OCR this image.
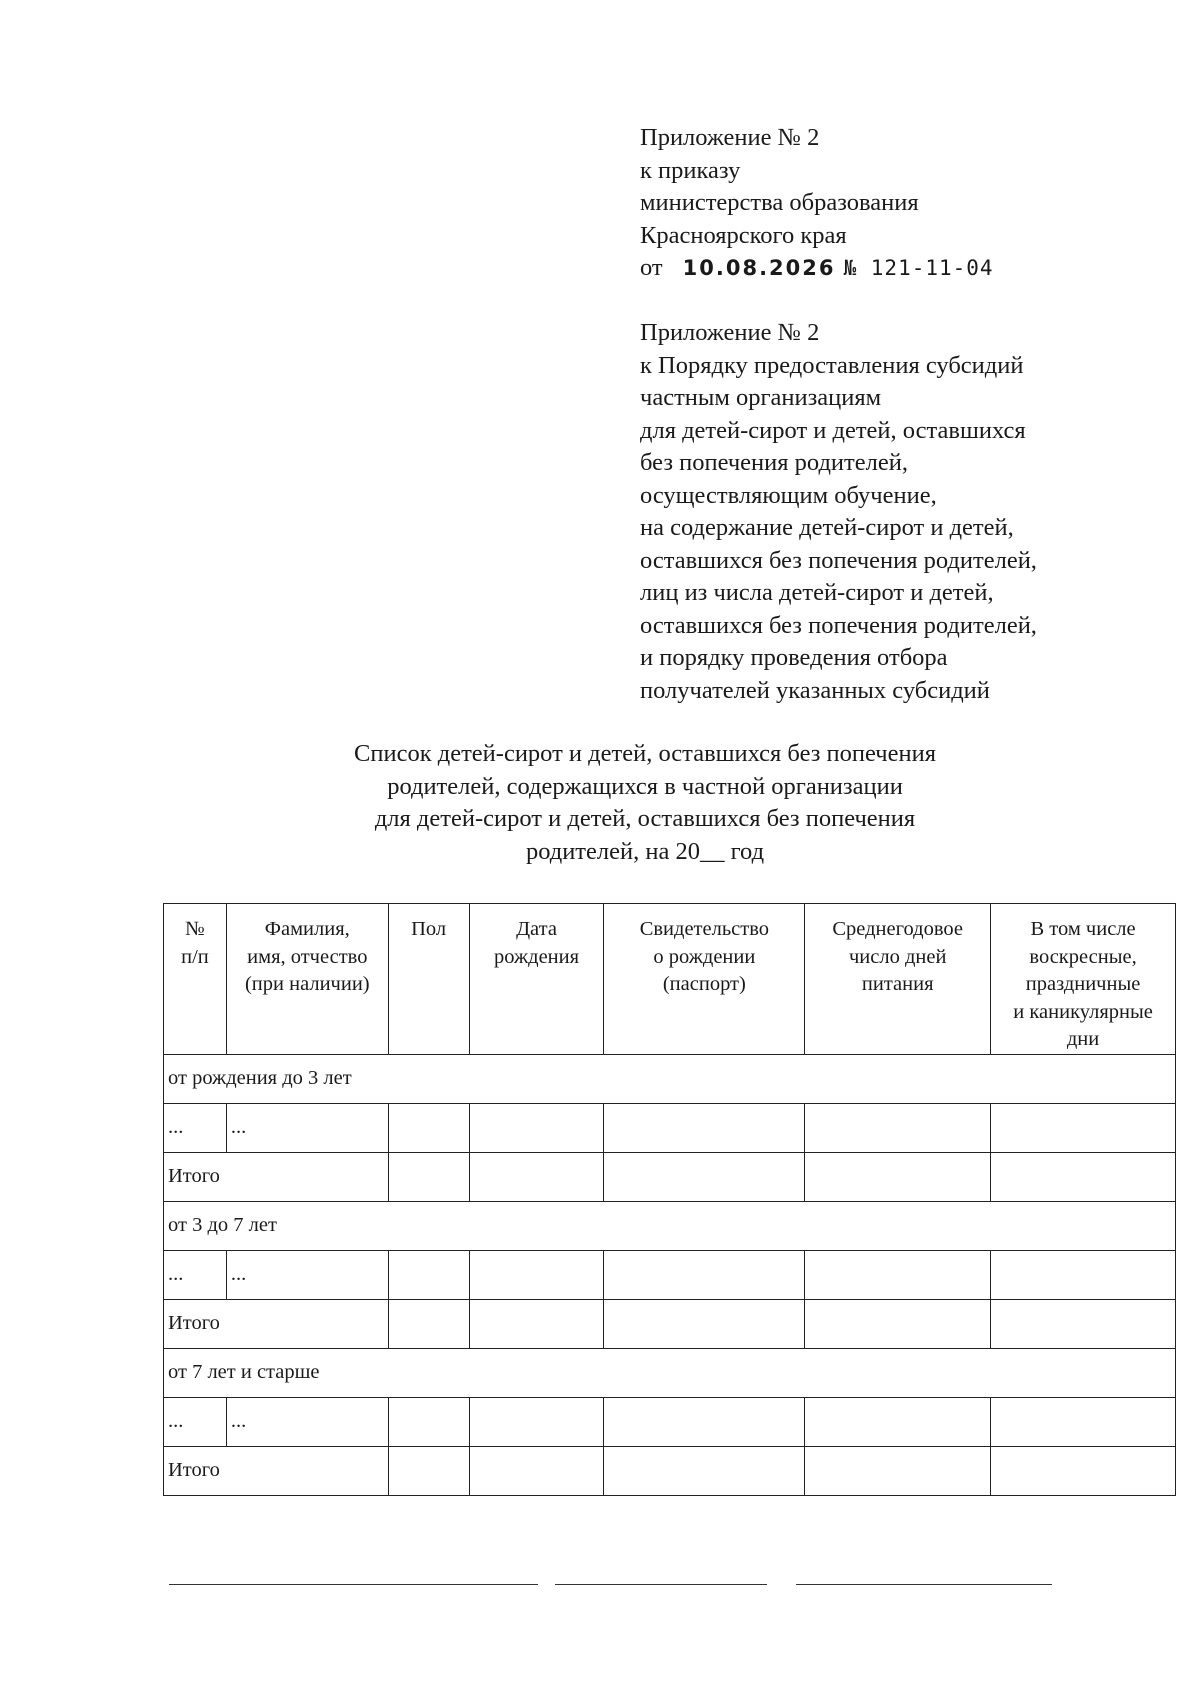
Приложение № 2
к приказу
министерства образования
Красноярского края
от 10.08.2026 № 121-11-04
Приложение № 2
к Порядку предоставления субсидий
частным организациям
для детей-сирот и детей, оставшихся
без попечения родителей,
осуществляющим обучение,
на содержание детей-сирот и детей,
оставшихся без попечения родителей,
лиц из числа детей-сирот и детей,
оставшихся без попечения родителей,
и порядку проведения отбора
получателей указанных субсидий
Список детей-сирот и детей, оставшихся без попечения
родителей, содержащихся в частной организации
для детей-сирот и детей, оставшихся без попечения
родителей, на 20__ год
№
п/п	Фамилия,
имя, отчество
(при наличии)	Пол	Дата
рождения	Свидетельство
о рождении
(паспорт)	Среднегодовое
число дней
питания	В том числе
воскресные,
праздничные
и каникулярные
дни
от рождения до 3 лет						
...	...					
Итого						
от 3 до 7 лет						
...	...					
Итого						
от 7 лет и старше						
...	...					
Итого						
